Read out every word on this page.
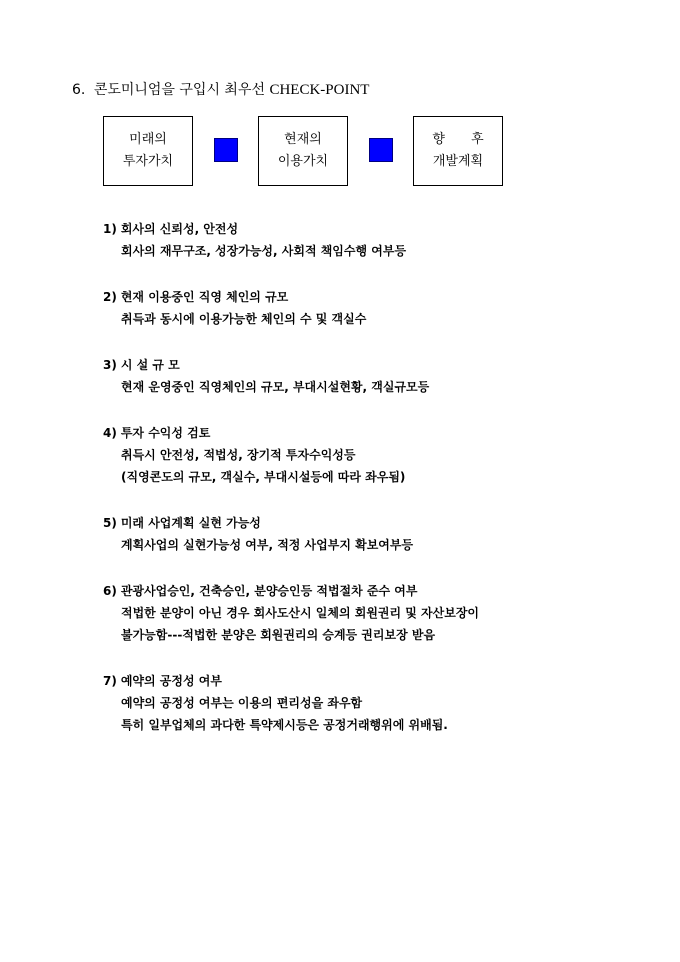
6. 콘도미니엄을 구입시 최우선 CHECK-POINT
미래의
투자가치
현재의
이용가치
향 후
개발계획
1) 회사의 신뢰성, 안전성
회사의 재무구조, 성장가능성, 사회적 책임수행 여부등
2) 현재 이용중인 직영 체인의 규모
취득과 동시에 이용가능한 체인의 수 및 객실수
3) 시 설 규 모
현재 운영중인 직영체인의 규모, 부대시설현황, 객실규모등
4) 투자 수익성 검토
취득시 안전성, 적법성, 장기적 투자수익성등
(직영콘도의 규모, 객실수, 부대시설등에 따라 좌우됨)
5) 미래 사업계획 실현 가능성
계획사업의 실현가능성 여부, 적정 사업부지 확보여부등
6) 관광사업승인, 건축승인, 분양승인등 적법절차 준수 여부
적법한 분양이 아닌 경우 회사도산시 일체의 회원권리 및 자산보장이
불가능함---적법한 분양은 회원권리의 승계등 권리보장 받음
7) 예약의 공정성 여부
예약의 공정성 여부는 이용의 편리성을 좌우함
특히 일부업체의 과다한 특약제시등은 공정거래행위에 위배됨.
